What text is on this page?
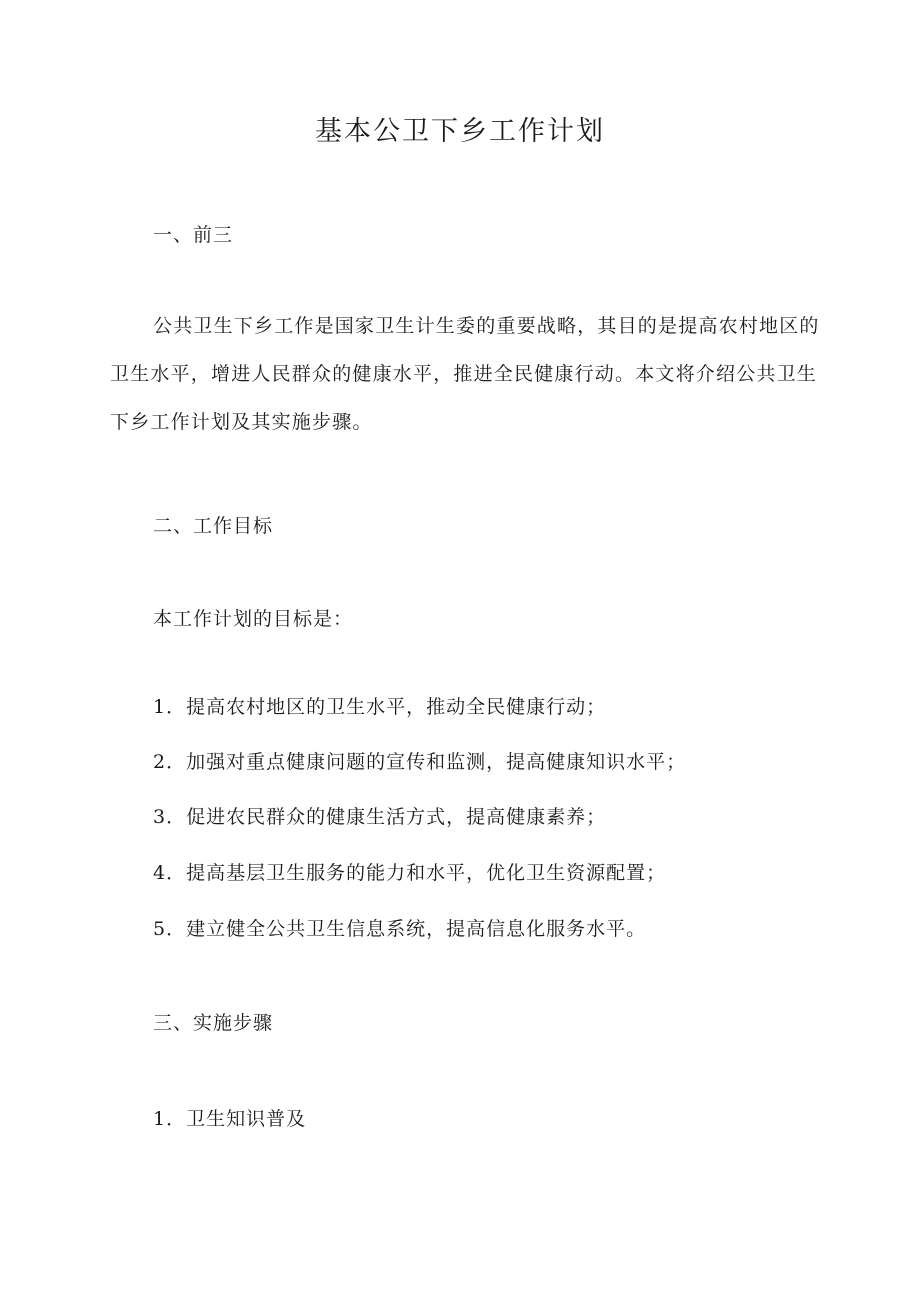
基本公卫下乡工作计划
一、前三
公共卫生下乡工作是国家卫生计生委的重要战略，其目的是提高农村地区的卫生水平，增进人民群众的健康水平，推进全民健康行动。本文将介绍公共卫生下乡工作计划及其实施步骤。
二、工作目标
本工作计划的目标是：
1．提高农村地区的卫生水平，推动全民健康行动；
2．加强对重点健康问题的宣传和监测，提高健康知识水平；
3．促进农民群众的健康生活方式，提高健康素养；
4．提高基层卫生服务的能力和水平，优化卫生资源配置；
5．建立健全公共卫生信息系统，提高信息化服务水平。
三、实施步骤
1．卫生知识普及
